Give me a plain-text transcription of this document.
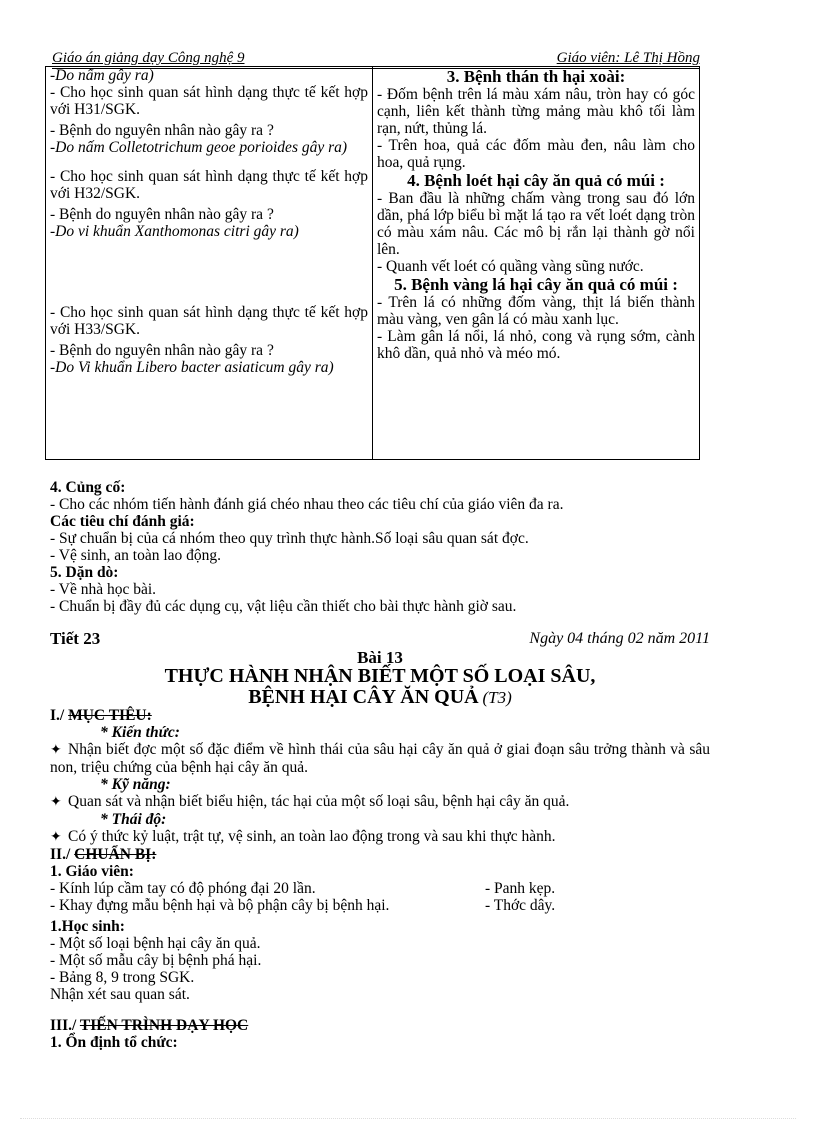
Giáo án giảng dạy Công nghệ 9	Giáo viên: Lê Thị Hồng
-Do nấm gây ra)
- Cho học sinh quan sát hình dạng thực tế kết hợp với H31/SGK.
- Bệnh do nguyên nhân nào gây ra ?
-Do nấm Colletotrichum geoe porioides gây ra)
- Cho học sinh quan sát hình dạng thực tế kết hợp với H32/SGK.
- Bệnh do nguyên nhân nào gây ra ?
-Do vi khuẩn Xanthomonas citri gây ra)
- Cho học sinh quan sát hình dạng thực tế kết hợp với H33/SGK.
- Bệnh do nguyên nhân nào gây ra ?
-Do Vi khuẩn Libero bacter asiaticum gây ra)

3. Bệnh thán th hại xoài:
- Đốm bệnh trên lá màu xám nâu, tròn hay có góc cạnh, liên kết thành từng mảng màu khô tối làm rạn, nứt, thủng lá.
- Trên hoa, quả các đốm màu đen, nâu làm cho hoa, quả rụng.
4. Bệnh loét hại cây ăn quả có múi :
- Ban đầu là những chấm vàng trong sau đó lớn dần, phá lớp biểu bì mặt lá tạo ra vết loét dạng tròn có màu xám nâu. Các mô bị rắn lại thành gờ nổi lên.
- Quanh vết loét có quầng vàng sũng nước.
5. Bệnh vàng lá hại cây ăn quả có múi :
- Trên lá có những đốm vàng, thịt lá biến thành màu vàng, ven gân lá có màu xanh lục.
- Làm gân lá nổi, lá nhỏ, cong và rụng sớm, cành khô dần, quả nhỏ và méo mó.
4. Củng cố:
- Cho các nhóm tiến hành đánh giá chéo nhau theo các tiêu chí của giáo viên đa ra.
Các tiêu chí đánh giá:
- Sự chuẩn bị của cá nhóm theo quy trình thực hành.Số loại sâu quan sát đợc.
- Vệ sinh, an toàn lao động.
5. Dặn dò:
- Về nhà học bài.
- Chuẩn bị đầy đủ các dụng cụ, vật liệu cần thiết cho bài thực hành giờ sau.
Tiết 23	Ngày 04 tháng 02 năm 2011
Bài 13
THỰC HÀNH NHẬN BIẾT MỘT SỐ LOẠI SÂU,
BỆNH HẠI CÂY ĂN QUẢ (T3)
I./ MỤC TIÊU:
* Kiến thức:
✦ Nhận biết đợc một số đặc điểm về hình thái của sâu hại cây ăn quả ở giai đoạn sâu trởng thành và sâu non, triệu chứng của bệnh hại cây ăn quả.
* Kỹ năng:
✦ Quan sát và nhận biết biểu hiện, tác hại của một số loại sâu, bệnh hại cây ăn quả.
* Thái độ:
✦ Có ý thức kỷ luật, trật tự, vệ sinh, an toàn lao động trong và sau khi thực hành.
II./ CHUẨN BỊ:
1. Giáo viên:
- Kính lúp cầm tay có độ phóng đại 20 lần.	- Panh kẹp.
- Khay đựng mẫu bệnh hại và bộ phận cây bị bệnh hại.	- Thớc dây.
1.Học sinh:
- Một số loại bệnh hại cây ăn quả.
- Một số mẫu cây bị bệnh phá hại.
- Bảng 8, 9 trong SGK.
Nhận xét sau quan sát.
III./ TIẾN TRÌNH DẠY HỌC
1. Ổn định tổ chức:
